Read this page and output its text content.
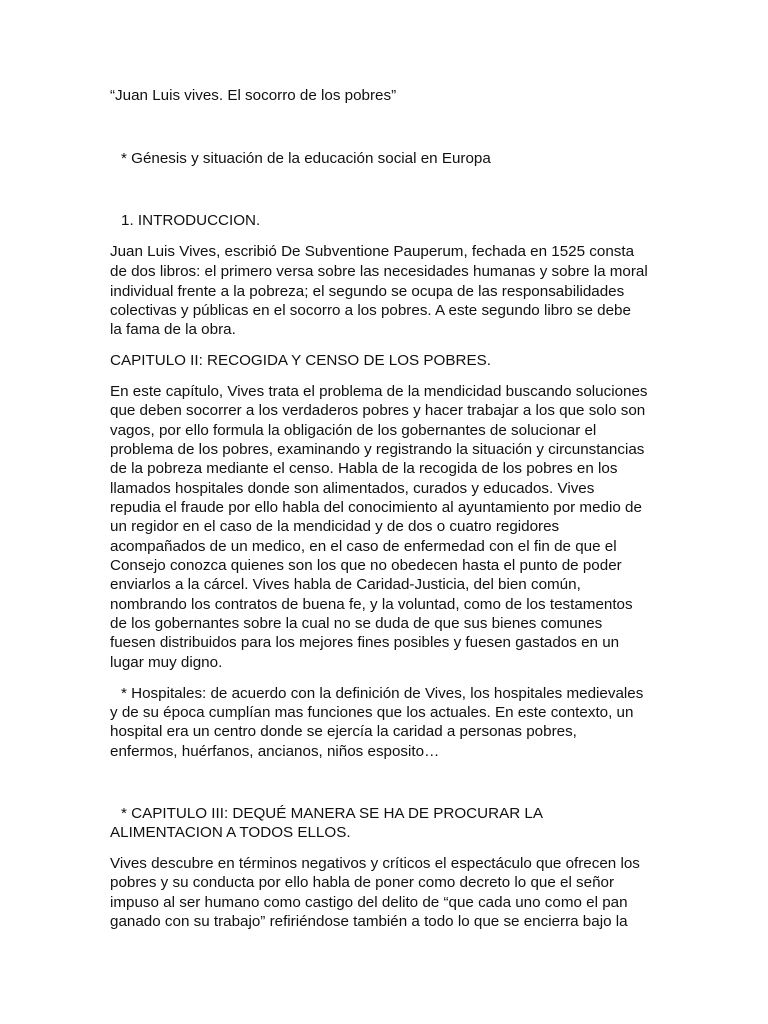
“Juan Luis vives. El socorro de los pobres”
* Génesis y situación de la educación social en Europa
1. INTRODUCCION.
Juan Luis Vives, escribió De Subventione Pauperum, fechada en 1525 consta
de dos libros: el primero versa sobre las necesidades humanas y sobre la moral
individual frente a la pobreza; el segundo se ocupa de las responsabilidades
colectivas y públicas en el socorro a los pobres. A este segundo libro se debe
la fama de la obra.
CAPITULO II: RECOGIDA Y CENSO DE LOS POBRES.
En este capítulo, Vives trata el problema de la mendicidad buscando soluciones
que deben socorrer a los verdaderos pobres y hacer trabajar a los que solo son
vagos, por ello formula la obligación de los gobernantes de solucionar el
problema de los pobres, examinando y registrando la situación y circunstancias
de la pobreza mediante el censo. Habla de la recogida de los pobres en los
llamados hospitales donde son alimentados, curados y educados. Vives
repudia el fraude por ello habla del conocimiento al ayuntamiento por medio de
un regidor en el caso de la mendicidad y de dos o cuatro regidores
acompañados de un medico, en el caso de enfermedad con el fin de que el
Consejo conozca quienes son los que no obedecen hasta el punto de poder
enviarlos a la cárcel. Vives habla de Caridad-Justicia, del bien común,
nombrando los contratos de buena fe, y la voluntad, como de los testamentos
de los gobernantes sobre la cual no se duda de que sus bienes comunes
fuesen distribuidos para los mejores fines posibles y fuesen gastados en un
lugar muy digno.
* Hospitales: de acuerdo con la definición de Vives, los hospitales medievales
y de su época cumplían mas funciones que los actuales. En este contexto, un
hospital era un centro donde se ejercía la caridad a personas pobres,
enfermos, huérfanos, ancianos, niños esposito…
* CAPITULO III: DEQUÉ MANERA SE HA DE PROCURAR LA
ALIMENTACION A TODOS ELLOS.
Vives descubre en términos negativos y críticos el espectáculo que ofrecen los
pobres y su conducta por ello habla de poner como decreto lo que el señor
impuso al ser humano como castigo del delito de “que cada uno como el pan
ganado con su trabajo” refiriéndose también a todo lo que se encierra bajo la
